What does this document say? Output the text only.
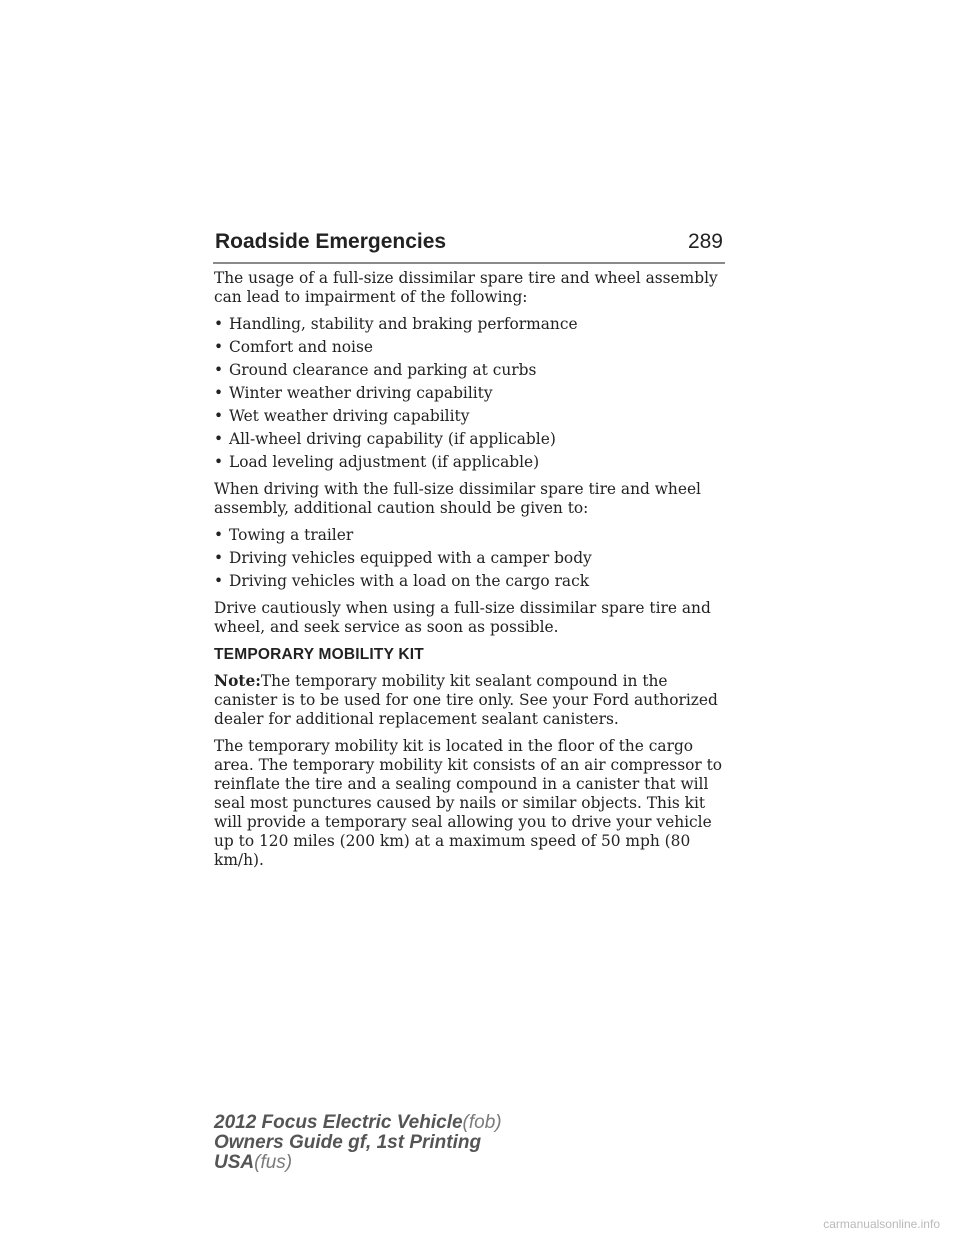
Roadside Emergencies	289

The usage of a full-size dissimilar spare tire and wheel assembly can lead to impairment of the following:

• Handling, stability and braking performance
• Comfort and noise
• Ground clearance and parking at curbs
• Winter weather driving capability
• Wet weather driving capability
• All-wheel driving capability (if applicable)
• Load leveling adjustment (if applicable)

When driving with the full-size dissimilar spare tire and wheel assembly, additional caution should be given to:

• Towing a trailer
• Driving vehicles equipped with a camper body
• Driving vehicles with a load on the cargo rack

Drive cautiously when using a full-size dissimilar spare tire and wheel, and seek service as soon as possible.

TEMPORARY MOBILITY KIT

Note:The temporary mobility kit sealant compound in the canister is to be used for one tire only. See your Ford authorized dealer for additional replacement sealant canisters.

The temporary mobility kit is located in the floor of the cargo area. The temporary mobility kit consists of an air compressor to reinflate the tire and a sealing compound in a canister that will seal most punctures caused by nails or similar objects. This kit will provide a temporary seal allowing you to drive your vehicle up to 120 miles (200 km) at a maximum speed of 50 mph (80 km/h).

2012 Focus Electric Vehicle(fob)
Owners Guide gf, 1st Printing
USA(fus)
carmanualsonline.info
